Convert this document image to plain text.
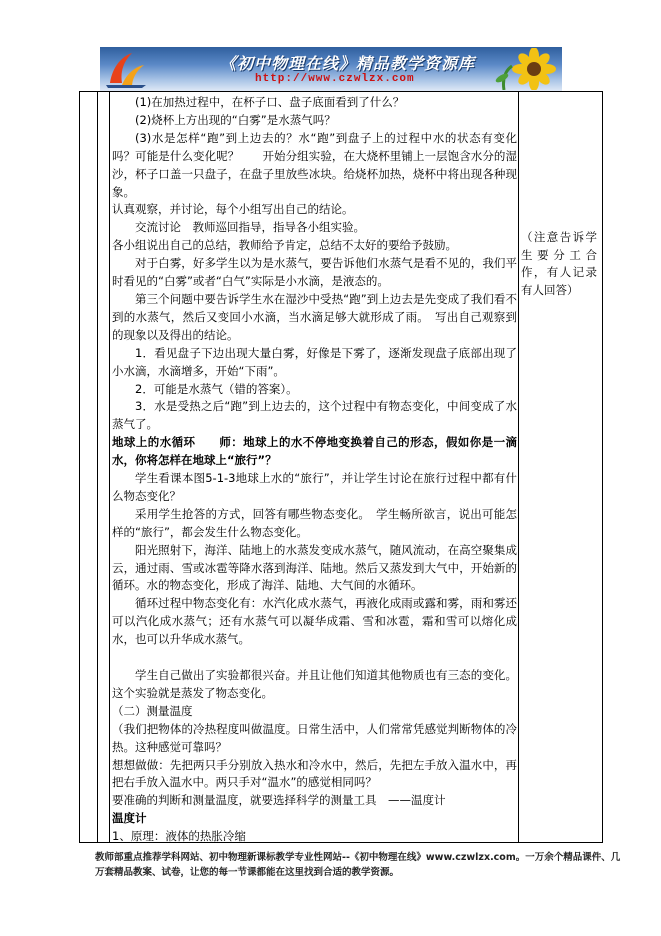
《初中物理在线》精品教学资源库
http://www.czwlzx.com

(1)在加热过程中，在杯子口、盘子底面看到了什么？

(2)烧杯上方出现的“白雾”是水蒸气吗？

(3)水是怎样“跑”到上边去的？水“跑”到盘子上的过程中水的状态有变化吗？可能是什么变化呢？　　开始分组实验，在大烧杯里铺上一层饱含水分的湿沙，杯子口盖一只盘子，在盘子里放些冰块。给烧杯加热，烧杯中将出现各种现象。

认真观察，并讨论，每个小组写出自己的结论。

交流讨论　教师巡回指导，指导各小组实验。

各小组说出自己的总结，教师给予肯定，总结不太好的要给予鼓励。

对于白雾，好多学生以为是水蒸气，要告诉他们水蒸气是看不见的，我们平时看见的“白雾”或者“白气”实际是小水滴，是液态的。

第三个问题中要告诉学生水在湿沙中受热“跑”到上边去是先变成了我们看不到的水蒸气，然后又变回小水滴，当水滴足够大就形成了雨。　写出自己观察到的现象以及得出的结论。

1．看见盘子下边出现大量白雾，好像是下雾了，逐渐发现盘子底部出现了小水滴，水滴增多，开始“下雨”。

2．可能是水蒸气（错的答案）。

3．水是受热之后“跑”到上边去的，这个过程中有物态变化，中间变成了水蒸气了。

地球上的水循环　　师：地球上的水不停地变换着自己的形态，假如你是一滴水，你将怎样在地球上“旅行”？

学生看课本图5-1-3地球上水的“旅行”，并让学生讨论在旅行过程中都有什么物态变化？

采用学生抢答的方式，回答有哪些物态变化。　学生畅所欲言，说出可能怎样的“旅行”，都会发生什么物态变化。

阳光照射下，海洋、陆地上的水蒸发变成水蒸气，随风流动，在高空聚集成云，通过雨、雪或冰雹等降水落到海洋、陆地。然后又蒸发到大气中，开始新的循环。水的物态变化，形成了海洋、陆地、大气间的水循环。

循环过程中物态变化有：水汽化成水蒸气，再液化成雨或露和雾，雨和雾还可以汽化成水蒸气；还有水蒸气可以凝华成霜、雪和冰雹，霜和雪可以熔化成水，也可以升华成水蒸气。

学生自己做出了实验都很兴奋。并且让他们知道其他物质也有三态的变化。这个实验就是蒸发了物态变化。

（二）测量温度

（我们把物体的冷热程度叫做温度。日常生活中，人们常常凭感觉判断物体的冷热。这种感觉可靠吗？

想想做做：先把两只手分别放入热水和冷水中，然后，先把左手放入温水中，再把右手放入温水中。两只手对“温水”的感觉相同吗？

要准确的判断和测量温度，就要选择科学的测量工具　——温度计

温度计

1、原理：液体的热胀冷缩

（注意告诉学生要分工合作，有人记录有人回答）

教师部重点推荐学科网站、初中物理新课标教学专业性网站--《初中物理在线》www.czwlzx.com。一万余个精品课件、几万套精品教案、试卷，让您的每一节课都能在这里找到合适的教学资源。
